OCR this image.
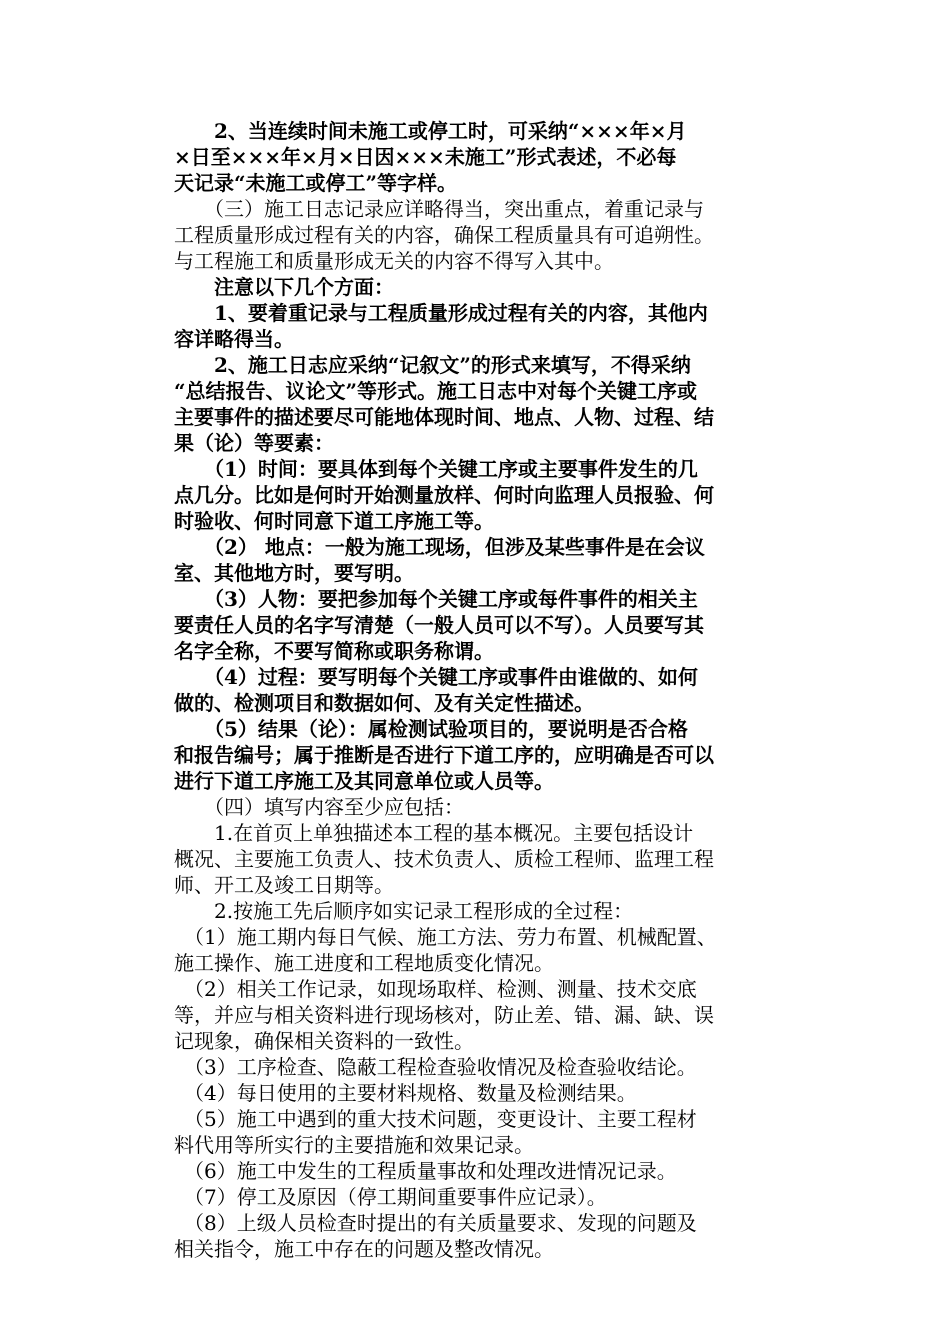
　　2、当连续时间未施工或停工时，可采纳“×××年×月
×日至×××年×月×日因×××未施工”形式表述，不必每
天记录“未施工或停工”等字样。
　　（三）施工日志记录应详略得当，突出重点，着重记录与
工程质量形成过程有关的内容，确保工程质量具有可追朔性。
与工程施工和质量形成无关的内容不得写入其中。
　　注意以下几个方面：
　　1、要着重记录与工程质量形成过程有关的内容，其他内
容详略得当。
　　2、施工日志应采纳“记叙文”的形式来填写，不得采纳
“总结报告、议论文”等形式。施工日志中对每个关键工序或
主要事件的描述要尽可能地体现时间、地点、人物、过程、结
果（论）等要素：
　　（1）时间：要具体到每个关键工序或主要事件发生的几
点几分。比如是何时开始测量放样、何时向监理人员报验、何
时验收、何时同意下道工序施工等。
　　（2） 地点：一般为施工现场，但涉及某些事件是在会议
室、其他地方时，要写明。
　　（3）人物：要把参加每个关键工序或每件事件的相关主
要责任人员的名字写清楚（一般人员可以不写）。人员要写其
名字全称，不要写简称或职务称谓。
　　（4）过程：要写明每个关键工序或事件由谁做的、如何
做的、检测项目和数据如何、及有关定性描述。
　　（5）结果（论）：属检测试验项目的，要说明是否合格
和报告编号；属于推断是否进行下道工序的，应明确是否可以
进行下道工序施工及其同意单位或人员等。
　　（四）填写内容至少应包括：
　　1.在首页上单独描述本工程的基本概况。主要包括设计
概况、主要施工负责人、技术负责人、质检工程师、监理工程
师、开工及竣工日期等。
　　2.按施工先后顺序如实记录工程形成的全过程：
　（1）施工期内每日气候、施工方法、劳力布置、机械配置、
施工操作、施工进度和工程地质变化情况。
　（2）相关工作记录，如现场取样、检测、测量、技术交底
等，并应与相关资料进行现场核对，防止差、错、漏、缺、误
记现象，确保相关资料的一致性。
　（3）工序检查、隐蔽工程检查验收情况及检查验收结论。
　（4）每日使用的主要材料规格、数量及检测结果。
　（5）施工中遇到的重大技术问题，变更设计、主要工程材
料代用等所实行的主要措施和效果记录。
　（6）施工中发生的工程质量事故和处理改进情况记录。
　（7）停工及原因（停工期间重要事件应记录）。
　（8）上级人员检查时提出的有关质量要求、发现的问题及
相关指令，施工中存在的问题及整改情况。
